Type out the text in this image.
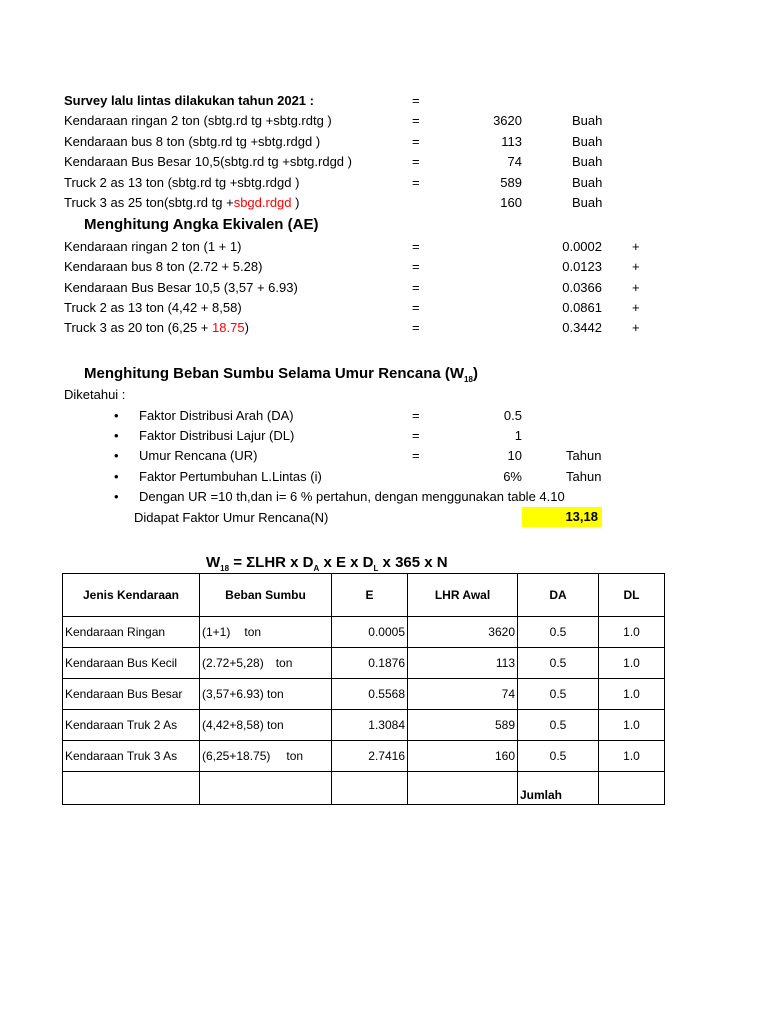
Survey lalu lintas dilakukan tahun 2021 :	=
Kendaraan ringan 2 ton (sbtg.rd tg +sbtg.rdtg )	=	3620	Buah
Kendaraan bus 8 ton (sbtg.rd tg +sbtg.rdgd )	=	113	Buah
Kendaraan Bus Besar 10,5(sbtg.rd tg +sbtg.rdgd )	=	74	Buah
Truck 2 as 13 ton (sbtg.rd tg +sbtg.rdgd )	=	589	Buah
Truck 3 as 25 ton(sbtg.rd tg +sbgd.rdgd )	160	Buah
Menghitung Angka Ekivalen (AE)
Kendaraan ringan 2 ton (1 + 1)	=	0.0002 +
Kendaraan bus 8 ton (2.72 + 5.28)	=	0.0123 +
Kendaraan Bus Besar 10,5 (3,57 + 6.93)	=	0.0366 +
Truck 2 as 13 ton (4,42 + 8,58)	=	0.0861 +
Truck 3 as 20 ton (6,25 + 18.75)	=	0.3442 +
Menghitung Beban Sumbu Selama Umur Rencana $(W_{18})$
Diketahui :
• Faktor Distribusi Arah (DA)	=	0.5
• Faktor Distribusi Lajur (DL)	=	1
• Umur Rencana (UR)	=	10	Tahun
• Faktor Pertumbuhan L.Lintas (i)	6%	Tahun
• Dengan UR =10 th,dan i= 6 % pertahun, dengan menggunakan table 4.10
Didapat Faktor Umur Rencana(N)	13,18
$W_{18} = \Sigma LHR$ x $D_A$ x E x $D_L$ x 365 x N
Jenis Kendaraan	Beban Sumbu	E	LHR Awal	DA	DL
Kendaraan Ringan	(1+1) ton	0.0005	3620	0.5	1.0
Kendaraan Bus Kecil	(2.72+5,28) ton	0.1876	113	0.5	1.0
Kendaraan Bus Besar	(3,57+6.93) ton	0.5568	74	0.5	1.0
Kendaraan Truk 2 As	(4,42+8,58) ton	1.3084	589	0.5	1.0
Kendaraan Truk 3 As	(6,25+18.75) ton	2.7416	160	0.5	1.0
				Jumlah	
